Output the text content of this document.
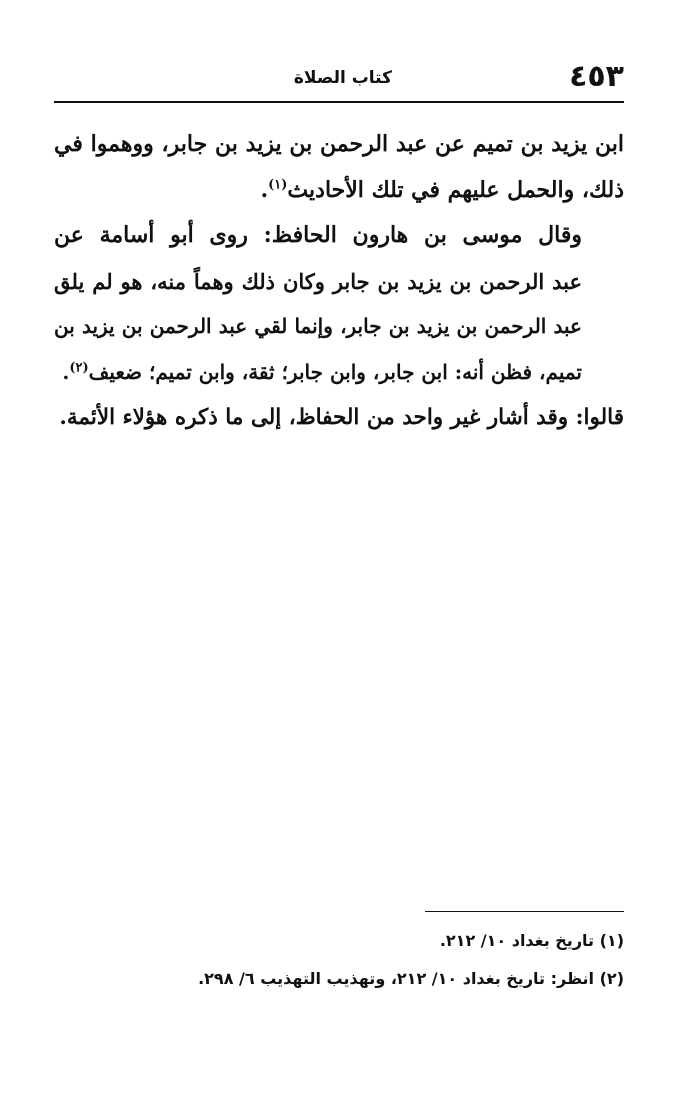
٤٥٣
كتاب الصلاة

ابن يزيد بن تميم عن عبد الرحمن بن يزيد بن جابر، ووهموا في
ذلك، والحمل عليهم في تلك الأحاديث$^{(١)}$.

وقال موسى بن هارون الحافظ: روى أبو أسامة عن
عبد الرحمن بن يزيد بن جابر وكان ذلك وهماً منه، هو لم يلق
عبد الرحمن بن يزيد بن جابر، وإنما لقي عبد الرحمن بن يزيد بن
تميم، فظن أنه: ابن جابر، وابن جابر؛ ثقة، وابن تميم؛ ضعيف$^{(٢)}$.

قالوا: وقد أشار غير واحد من الحفاظ، إلى ما ذكره هؤلاء الأئمة.

(١) تاريخ بغداد ١٠/ ٢١٢.
(٢) انظر: تاريخ بغداد ١٠/ ٢١٢، وتهذيب التهذيب ٦/ ٢٩٨.
